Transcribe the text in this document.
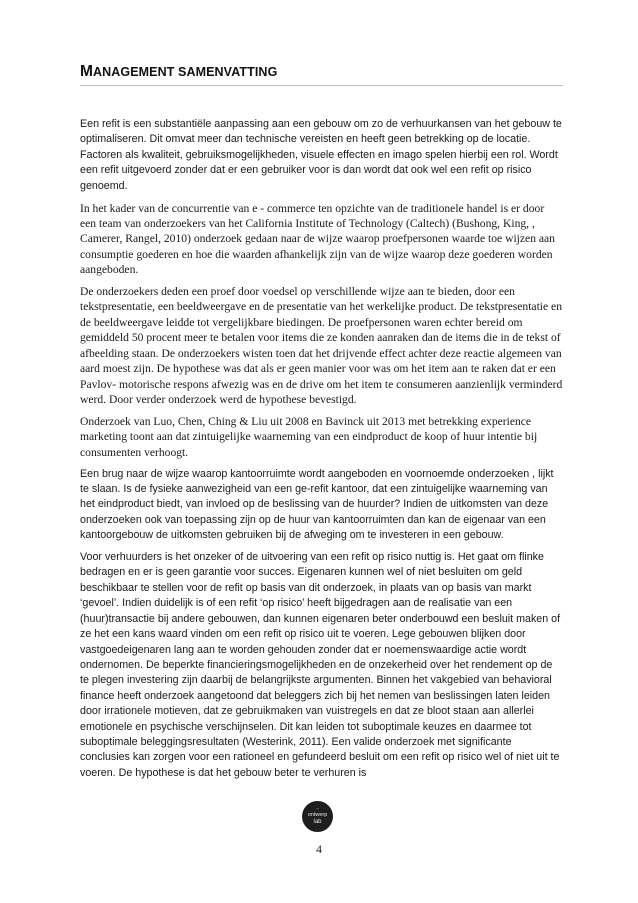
MANAGEMENT SAMENVATTING

Een refit is een substantiële aanpassing aan een gebouw om zo de verhuurkansen van het gebouw te optimaliseren. Dit omvat meer dan technische vereisten en heeft geen betrekking op de locatie. Factoren als kwaliteit, gebruiksmogelijkheden, visuele effecten en imago spelen hierbij een rol. Wordt een refit uitgevoerd zonder dat er een gebruiker voor is dan wordt dat ook wel een refit op risico genoemd.

In het kader van de concurrentie van e - commerce ten opzichte van de traditionele handel is er door een team van onderzoekers van het California Institute of Technology (Caltech) (Bushong, King, , Camerer, Rangel, 2010) onderzoek gedaan naar de wijze waarop proefpersonen waarde toe wijzen aan consumptie goederen en hoe die waarden afhankelijk zijn van de wijze waarop deze goederen worden aangeboden.

De onderzoekers deden een proef door voedsel op verschillende wijze aan te bieden, door een tekstpresentatie, een beeldweergave en de presentatie van het werkelijke product. De tekstpresentatie en de beeldweergave leidde tot vergelijkbare biedingen. De proefpersonen waren echter bereid om gemiddeld 50 procent meer te betalen voor items die ze konden aanraken dan de items die in de tekst of afbeelding staan. De onderzoekers wisten toen dat het drijvende effect achter deze reactie algemeen van aard moest zijn. De hypothese was dat als er geen manier voor was om het item aan te raken dat er een Pavlov- motorische respons afwezig was en de drive om het item te consumeren aanzienlijk verminderd werd. Door verder onderzoek werd de hypothese bevestigd.

Onderzoek van Luo, Chen, Ching & Liu uit 2008 en Bavinck uit 2013 met betrekking experience marketing toont aan dat zintuigelijke waarneming van een eindproduct de koop of huur intentie bij consumenten verhoogt.

Een brug naar de wijze waarop kantoorruimte wordt aangeboden en voornoemde onderzoeken , lijkt te slaan. Is de fysieke aanwezigheid van een ge-refit kantoor, dat een zintuigelijke waarneming van het eindproduct biedt, van invloed op de beslissing van de huurder? Indien de uitkomsten van deze onderzoeken ook van toepassing zijn op de huur van kantoorruimten dan kan de eigenaar van een kantoorgebouw de uitkomsten gebruiken bij de afweging om te investeren in een gebouw.

Voor verhuurders is het onzeker of de uitvoering van een refit op risico nuttig is. Het gaat om flinke bedragen en er is geen garantie voor succes. Eigenaren kunnen wel of niet besluiten om geld beschikbaar te stellen voor de refit op basis van dit onderzoek, in plaats van op basis van markt ‘gevoel’. Indien duidelijk is of een refit ‘op risico’ heeft bijgedragen aan de realisatie van een (huur)transactie bij andere gebouwen, dan kunnen eigenaren beter onderbouwd een besluit maken of ze het een kans waard vinden om een refit op risico uit te voeren. Lege gebouwen blijken door vastgoedeigenaren lang aan te worden gehouden zonder dat er noemenswaardige actie wordt ondernomen. De beperkte financieringsmogelijkheden en de onzekerheid over het rendement op de te plegen investering zijn daarbij de belangrijkste argumenten. Binnen het vakgebied van behavioral finance heeft onderzoek aangetoond dat beleggers zich bij het nemen van beslissingen laten leiden door irrationele motieven, dat ze gebruikmaken van vuistregels en dat ze bloot staan aan allerlei emotionele en psychische verschijnselen. Dit kan leiden tot suboptimale keuzes en daarmee tot suboptimale beleggingsresultaten (Westerink, 2011). Een valide onderzoek met significante conclusies kan zorgen voor een rationeel en gefundeerd besluit om een refit op risico wel of niet uit te voeren. De hypothese is dat het gebouw beter te verhuren is

···
ontwerp
lab
4
